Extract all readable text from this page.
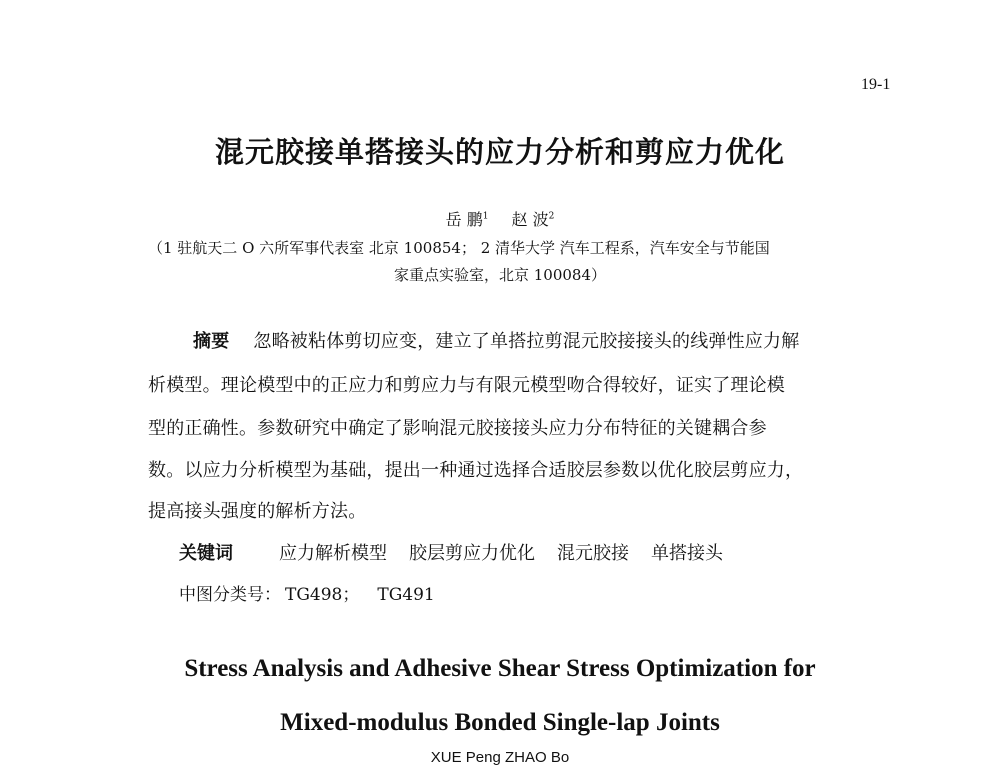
19-1
混元胶接单搭接头的应力分析和剪应力优化
岳 鹏$^1$ 赵 波$^2$
（1 驻航天二 O 六所军事代表室 北京 100854； 2 清华大学 汽车工程系，汽车安全与节能国
家重点实验室，北京 100084）
摘要 忽略被粘体剪切应变，建立了单搭拉剪混元胶接接头的线弹性应力解
析模型。理论模型中的正应力和剪应力与有限元模型吻合得较好，证实了理论模
型的正确性。参数研究中确定了影响混元胶接接头应力分布特征的关键耦合参
数。以应力分析模型为基础，提出一种通过选择合适胶层参数以优化胶层剪应力，
提高接头强度的解析方法。
关键词	应力解析模型 胶层剪应力优化 混元胶接 单搭接头
中图分类号： TG498； TG491
Stress Analysis and Adhesive Shear Stress Optimization for
Mixed-modulus Bonded Single-lap Joints
XUE Peng ZHAO Bo
